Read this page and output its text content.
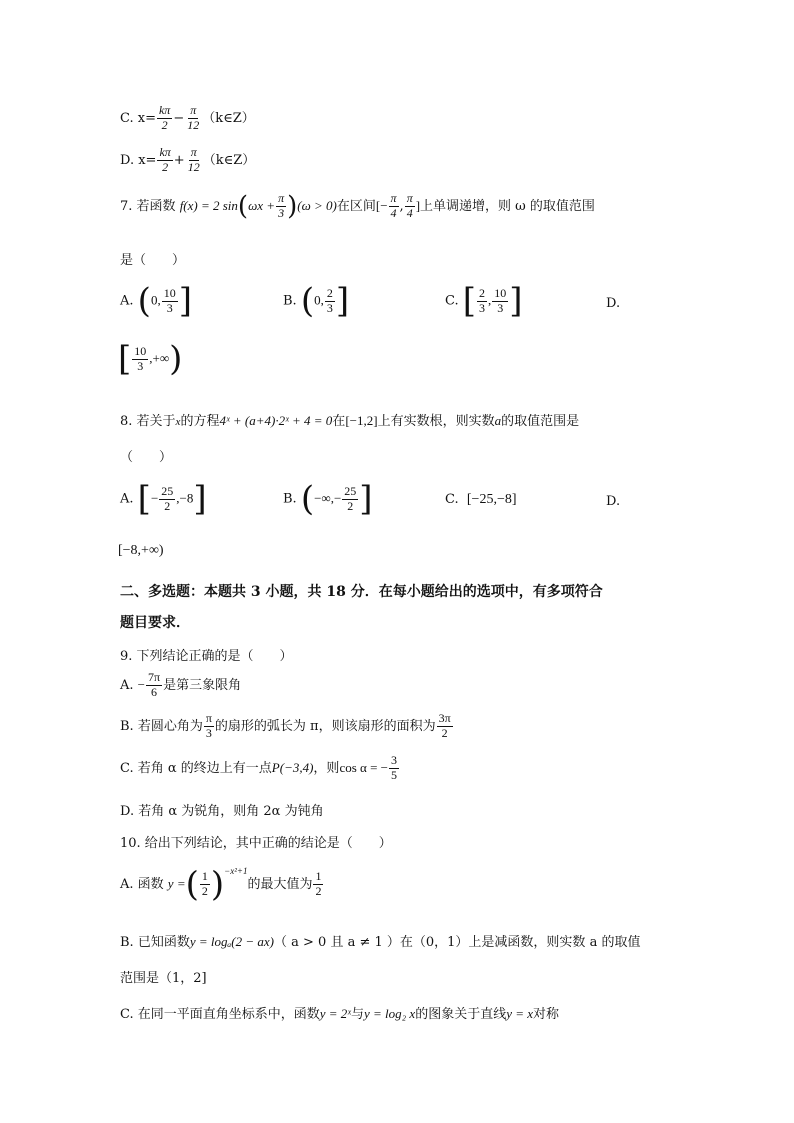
C. $x= \frac{k\pi}{2} - \frac{\pi}{12}$ （k∈Z）
D. $x= \frac{k\pi}{2} + \frac{\pi}{12}$ （k∈Z）
7. 若函数 f(x) = 2 $\sin(\omega x + \frac{\pi}{3} )(\omega > 0)$在区间[− $\frac{\pi}{4}$ , $\frac{\pi}{4}$ ]上单调递增，则 ω 的取值范围
是（　　）
A. (0, $\frac{10}{3}$ ]	B. (0, $\frac{2}{3}$ ]	C. [ $\frac{2}{3}$ , $\frac{10}{3}$ ]	D.
[ $\frac{10}{3}$ ,+∞)
8. 若关于x的方程4ˣ + (a+4)·2ˣ + 4 = 0在[−1,2]上有实数根，则实数a的取值范围是
（　　）
A. [− $\frac{25}{2} ,-8$]	B. (−∞,− $\frac{25}{2}$ ]	C. [−25,−8]	D.
[−8,+∞)
二、多选题：本题共 3 小题，共 18 分．在每小题给出的选项中，有多项符合
题目要求．
9. 下列结论正确的是（　　）
A. − $\frac{7\pi}{6}$ 是第三象限角
B. 若圆心角为 $\frac{\pi}{3}$ 的扇形的弧长为 π，则该扇形的面积为 $\frac{3\pi}{2}$
C. 若角 α 的终边上有一点P(−3,4)，则cos α = − $\frac{3}{5}$
D. 若角 α 为锐角，则角 2α 为钝角
10. 给出下列结论，其中正确的结论是（　　）
A. 函数 y =( $\frac{1}{2} )^{-x^2+1}$的最大值为 $\frac{1}{2}$
B. 已知函数y = logₐ(2 − ax)（ a > 0 且 a ≠ 1 ）在（0，1）上是减函数，则实数 a 的取值
范围是（1，2]
C. 在同一平面直角坐标系中，函数y = 2ˣ与y = log₂ x的图象关于直线y = x对称
